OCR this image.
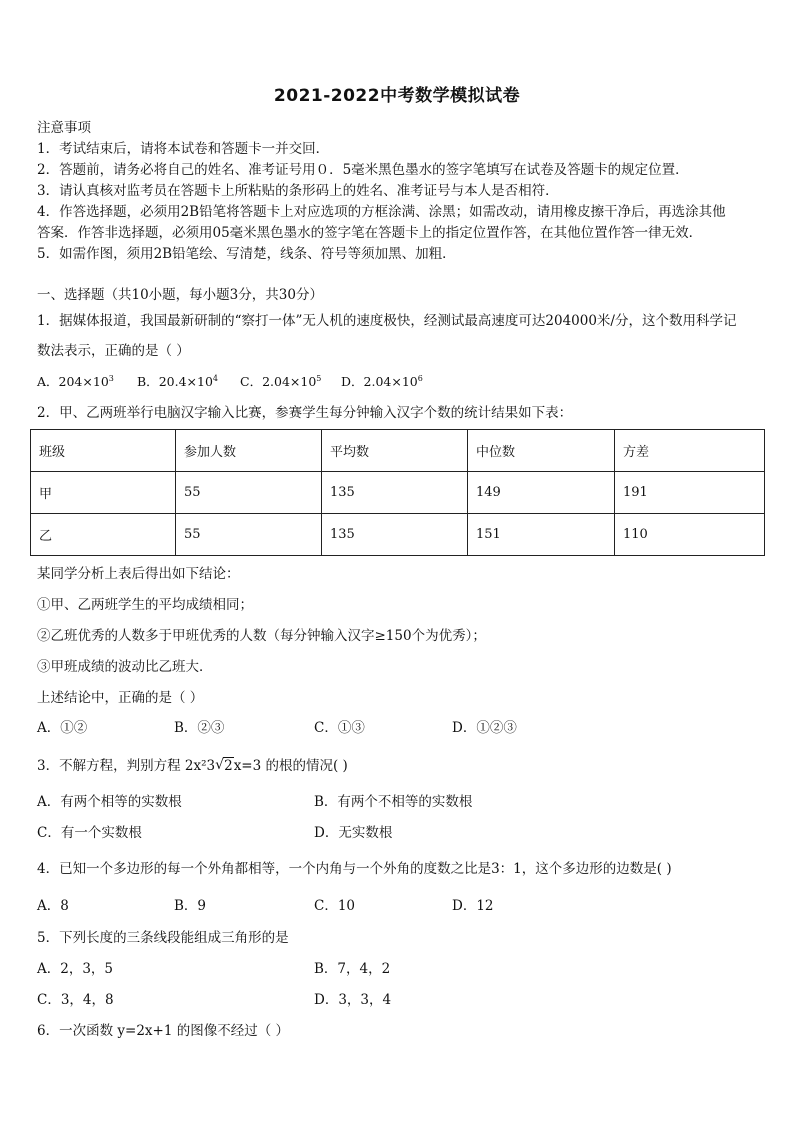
2021-2022中考数学模拟试卷
注意事项
1．考试结束后，请将本试卷和答题卡一并交回．
2．答题前，请务必将自己的姓名、准考证号用０．5毫米黑色墨水的签字笔填写在试卷及答题卡的规定位置．
3．请认真核对监考员在答题卡上所粘贴的条形码上的姓名、准考证号与本人是否相符．
4．作答选择题，必须用2B铅笔将答题卡上对应选项的方框涂满、涂黑；如需改动，请用橡皮擦干净后，再选涂其他
答案．作答非选择题，必须用05毫米黑色墨水的签字笔在答题卡上的指定位置作答，在其他位置作答一律无效．
5．如需作图，须用2B铅笔绘、写清楚，线条、符号等须加黑、加粗．
一、选择题（共10小题，每小题3分，共30分）
1．据媒体报道，我国最新研制的“察打一体”无人机的速度极快，经测试最高速度可达204000米/分，这个数用科学记
数法表示，正确的是（ ）
A．$204\times 10^3$ B．$20.4\times 10^4$ C．$2.04\times 10^5$ D．$2.04\times 10^6$
2．甲、乙两班举行电脑汉字输入比赛，参赛学生每分钟输入汉字个数的统计结果如下表：
班级	参加人数	平均数	中位数	方差
甲	55	135	149	191
乙	55	135	151	110
某同学分析上表后得出如下结论：
①甲、乙两班学生的平均成绩相同；
②乙班优秀的人数多于甲班优秀的人数（每分钟输入汉字≥150个为优秀）；
③甲班成绩的波动比乙班大．
上述结论中，正确的是（ ）
A．①②	B．②③	C．①③	D．①②③
3．不解方程，判别方程 2x²3 √ 2x=3 的根的情况( )
A．有两个相等的实数根	B．有两个不相等的实数根
C．有一个实数根	D．无实数根
4．已知一个多边形的每一个外角都相等，一个内角与一个外角的度数之比是3：1，这个多边形的边数是( )
A．8	B．9	C．10	D．12
5．下列长度的三条线段能组成三角形的是
A．2，3，5	B．7，4，2
C．3，4，8	D．3，3，4
6．一次函数 y=2x+1 的图像不经过（ ）
